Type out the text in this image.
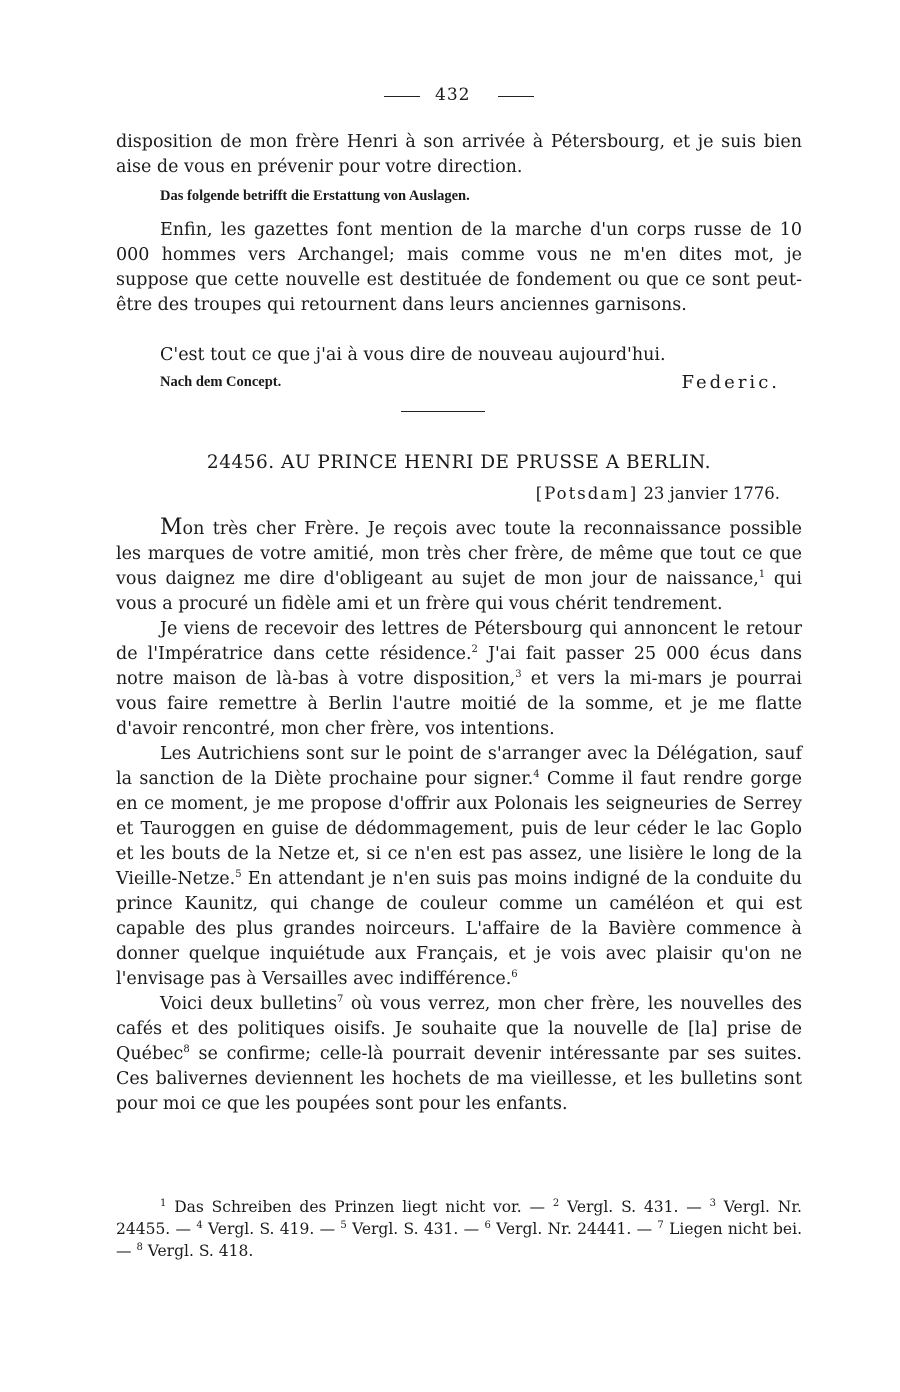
432

disposition de mon frère Henri à son arrivée à Pétersbourg, et je suis bien aise de vous en prévenir pour votre direction.

Das folgende betrifft die Erstattung von Auslagen.

Enfin, les gazettes font mention de la marche d'un corps russe de 10 000 hommes vers Archangel; mais comme vous ne m'en dites mot, je suppose que cette nouvelle est destituée de fondement ou que ce sont peut-être des troupes qui retournent dans leurs anciennes garnisons.

C'est tout ce que j'ai à vous dire de nouveau aujourd'hui.

Nach dem Concept.	Federic.
24456. AU PRINCE HENRI DE PRUSSE A BERLIN.
[Potsdam] 23 janvier 1776.

Mon très cher Frère. Je reçois avec toute la reconnaissance possible les marques de votre amitié, mon très cher frère, de même que tout ce que vous daignez me dire d'obligeant au sujet de mon jour de naissance,$^1$ qui vous a procuré un fidèle ami et un frère qui vous chérit tendrement.

Je viens de recevoir des lettres de Pétersbourg qui annoncent le retour de l'Impératrice dans cette résidence.$^2$ J'ai fait passer 25 000 écus dans notre maison de là-bas à votre disposition,$^3$ et vers la mi-mars je pourrai vous faire remettre à Berlin l'autre moitié de la somme, et je me flatte d'avoir rencontré, mon cher frère, vos intentions.

Les Autrichiens sont sur le point de s'arranger avec la Délégation, sauf la sanction de la Diète prochaine pour signer.$^4$ Comme il faut rendre gorge en ce moment, je me propose d'offrir aux Polonais les seigneuries de Serrey et Tauroggen en guise de dédommagement, puis de leur céder le lac Goplo et les bouts de la Netze et, si ce n'en est pas assez, une lisière le long de la Vieille-Netze.$^5$ En attendant je n'en suis pas moins indigné de la conduite du prince Kaunitz, qui change de couleur comme un caméléon et qui est capable des plus grandes noirceurs. L'affaire de la Bavière commence à donner quelque inquiétude aux Français, et je vois avec plaisir qu'on ne l'envisage pas à Versailles avec indifférence.$^6$

Voici deux bulletins$^7$ où vous verrez, mon cher frère, les nouvelles des cafés et des politiques oisifs. Je souhaite que la nouvelle de [la] prise de Québec$^8$ se confirme; celle-là pourrait devenir intéressante par ses suites. Ces balivernes deviennent les hochets de ma vieillesse, et les bulletins sont pour moi ce que les poupées sont pour les enfants.

$^1$ Das Schreiben des Prinzen liegt nicht vor. — $^2$ Vergl. S. 431. — $^3$ Vergl. Nr. 24455. — $^4$ Vergl. S. 419. — $^5$ Vergl. S. 431. — $^6$ Vergl. Nr. 24441. — $^7$ Liegen nicht bei. — $^8$ Vergl. S. 418.
